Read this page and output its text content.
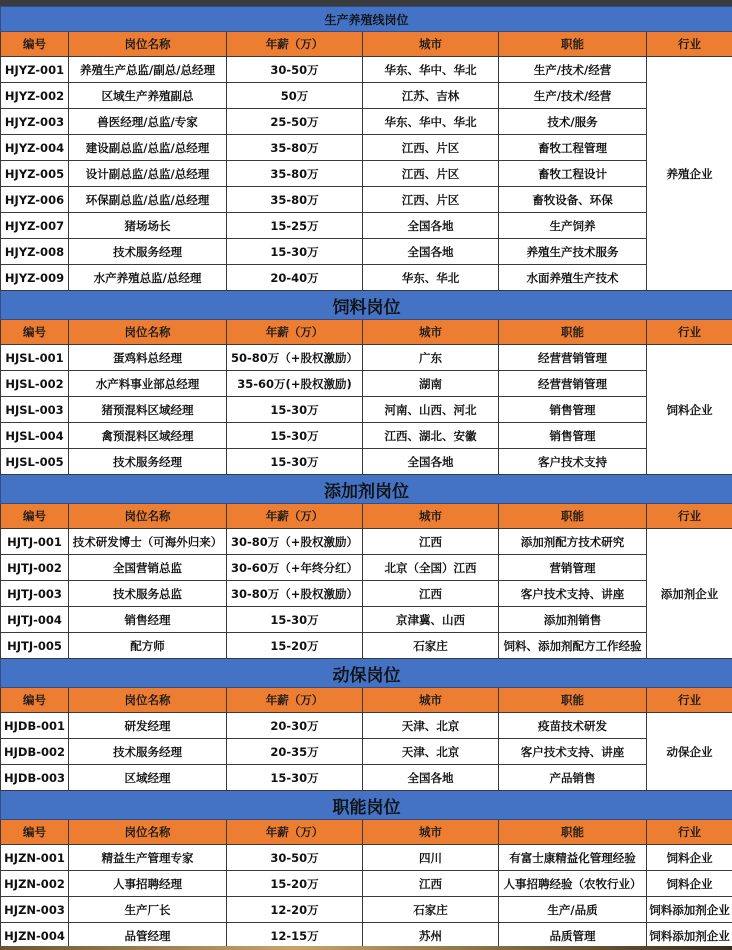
生产养殖线岗位					
编号	岗位名称	年薪（万）	城市	职能	行业
HJYZ-001	养殖生产总监/副总/总经理	30-50万	华东、华中、华北	生产/技术/经营	养殖企业
HJYZ-002	区域生产养殖副总	50万	江苏、吉林	生产/技术/经营	
HJYZ-003	兽医经理/总监/专家	25-50万	华东、华中、华北	技术/服务	
HJYZ-004	建设副总监/总监/总经理	35-80万	江西、片区	畜牧工程管理	
HJYZ-005	设计副总监/总监/总经理	35-80万	江西、片区	畜牧工程设计	
HJYZ-006	环保副总监/总监/总经理	35-80万	江西、片区	畜牧设备、环保	
HJYZ-007	猪场场长	15-25万	全国各地	生产饲养	
HJYZ-008	技术服务经理	15-30万	全国各地	养殖生产技术服务	
HJYZ-009	水产养殖总监/总经理	20-40万	华东、华北	水面养殖生产技术	
饲料岗位					
编号	岗位名称	年薪（万）	城市	职能	行业
HJSL-001	蛋鸡料总经理	50-80万（+股权激励）	广东	经营营销管理	饲料企业
HJSL-002	水产料事业部总经理	35-60万(+股权激励)	湖南	经营营销管理	
HJSL-003	猪预混料区域经理	15-30万	河南、山西、河北	销售管理	
HJSL-004	禽预混料区域经理	15-30万	江西、湖北、安徽	销售管理	
HJSL-005	技术服务经理	15-30万	全国各地	客户技术支持	
添加剂岗位					
编号	岗位名称	年薪（万）	城市	职能	行业
HJTJ-001	技术研发博士（可海外归来）	30-80万（+股权激励）	江西	添加剂配方技术研究	添加剂企业
HJTJ-002	全国营销总监	30-60万（+年终分红）	北京（全国）江西	营销管理	
HJTJ-003	技术服务总监	30-80万（+股权激励）	江西	客户技术支持、讲座	
HJTJ-004	销售经理	15-30万	京津冀、山西	添加剂销售	
HJTJ-005	配方师	15-20万	石家庄	饲料、添加剂配方工作经验	
动保岗位					
编号	岗位名称	年薪（万）	城市	职能	行业
HJDB-001	研发经理	20-30万	天津、北京	疫苗技术研发	动保企业
HJDB-002	技术服务经理	20-35万	天津、北京	客户技术支持、讲座	
HJDB-003	区域经理	15-30万	全国各地	产品销售	
职能岗位					
编号	岗位名称	年薪（万）	城市	职能	行业
HJZN-001	精益生产管理专家	30-50万	四川	有富士康精益化管理经验	饲料企业
HJZN-002	人事招聘经理	15-20万	江西	人事招聘经验（农牧行业）	饲料企业
HJZN-003	生产厂长	12-20万	石家庄	生产/品质	饲料添加剂企业
HJZN-004	品管经理	12-15万	苏州	品质管理	饲料添加剂企业
